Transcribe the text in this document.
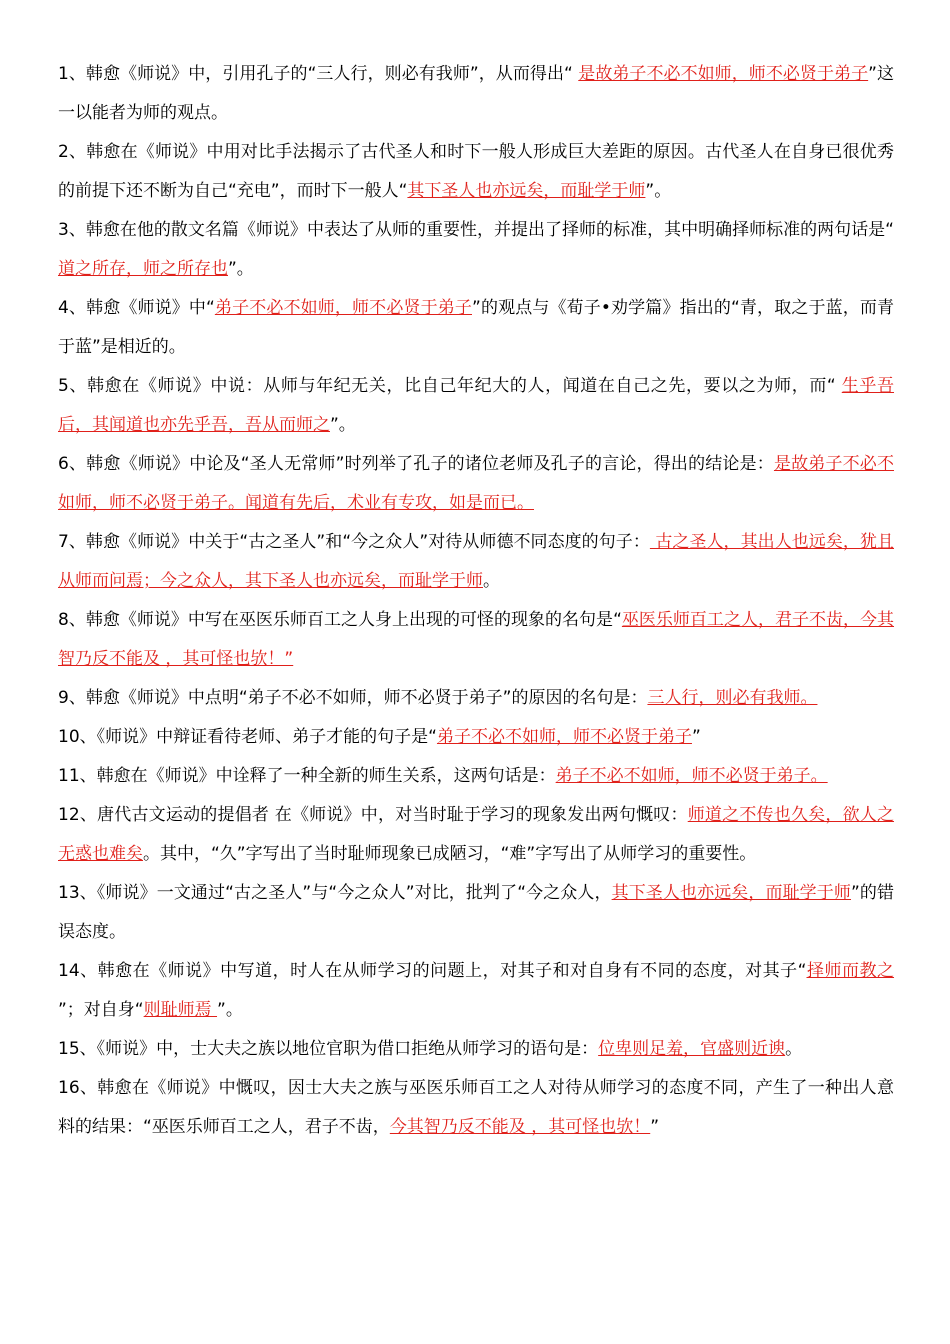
1、韩愈《师说》中，引用孔子的“三人行，则必有我师”，从而得出“ 是故弟子不必不如师，师不必贤于弟子”这一以能者为师的观点。

2、韩愈在《师说》中用对比手法揭示了古代圣人和时下一般人形成巨大差距的原因。古代圣人在自身已很优秀的前提下还不断为自己“充电”，而时下一般人“其下圣人也亦远矣，而耻学于师”。

3、韩愈在他的散文名篇《师说》中表达了从师的重要性，并提出了择师的标准，其中明确择师标准的两句话是“ 道之所存，师之所存也”。

4、韩愈《师说》中“弟子不必不如师，师不必贤于弟子”的观点与《荀子•劝学篇》指出的“青，取之于蓝，而青于蓝”是相近的。

5、韩愈在《师说》中说：从师与年纪无关，比自己年纪大的人，闻道在自己之先，要以之为师，而“ 生乎吾后，其闻道也亦先乎吾，吾从而师之”。

6、韩愈《师说》中论及“圣人无常师”时列举了孔子的诸位老师及孔子的言论，得出的结论是：是故弟子不必不如师，师不必贤于弟子。闻道有先后，术业有专攻，如是而已。

7、韩愈《师说》中关于“古之圣人”和“今之众人”对待从师德不同态度的句子： 古之圣人，其出人也远矣，犹且从师而问焉；今之众人，其下圣人也亦远矣，而耻学于师。

8、韩愈《师说》中写在巫医乐师百工之人身上出现的可怪的现象的名句是“巫医乐师百工之人，君子不齿，今其智乃反不能及 ，其可怪也欤！”

9、韩愈《师说》中点明“弟子不必不如师，师不必贤于弟子”的原因的名句是：三人行，则必有我师。

10、《师说》中辩证看待老师、弟子才能的句子是“弟子不必不如师，师不必贤于弟子”

11、韩愈在《师说》中诠释了一种全新的师生关系，这两句话是：弟子不必不如师，师不必贤于弟子。

12、唐代古文运动的提倡者 在《师说》中，对当时耻于学习的现象发出两句慨叹：师道之不传也久矣，欲人之无惑也难矣。其中，“久”字写出了当时耻师现象已成陋习，“难”字写出了从师学习的重要性。

13、《师说》一文通过“古之圣人”与“今之众人”对比，批判了“今之众人，其下圣人也亦远矣，而耻学于师”的错误态度。

14、韩愈在《师说》中写道，时人在从师学习的问题上，对其子和对自身有不同的态度，对其子“择师而教之 ”；对自身“则耻师焉 ”。

15、《师说》中，士大夫之族以地位官职为借口拒绝从师学习的语句是：位卑则足羞，官盛则近谀。

16、韩愈在《师说》中慨叹，因士大夫之族与巫医乐师百工之人对待从师学习的态度不同，产生了一种出人意料的结果：“巫医乐师百工之人，君子不齿，今其智乃反不能及 ，其可怪也欤！”
